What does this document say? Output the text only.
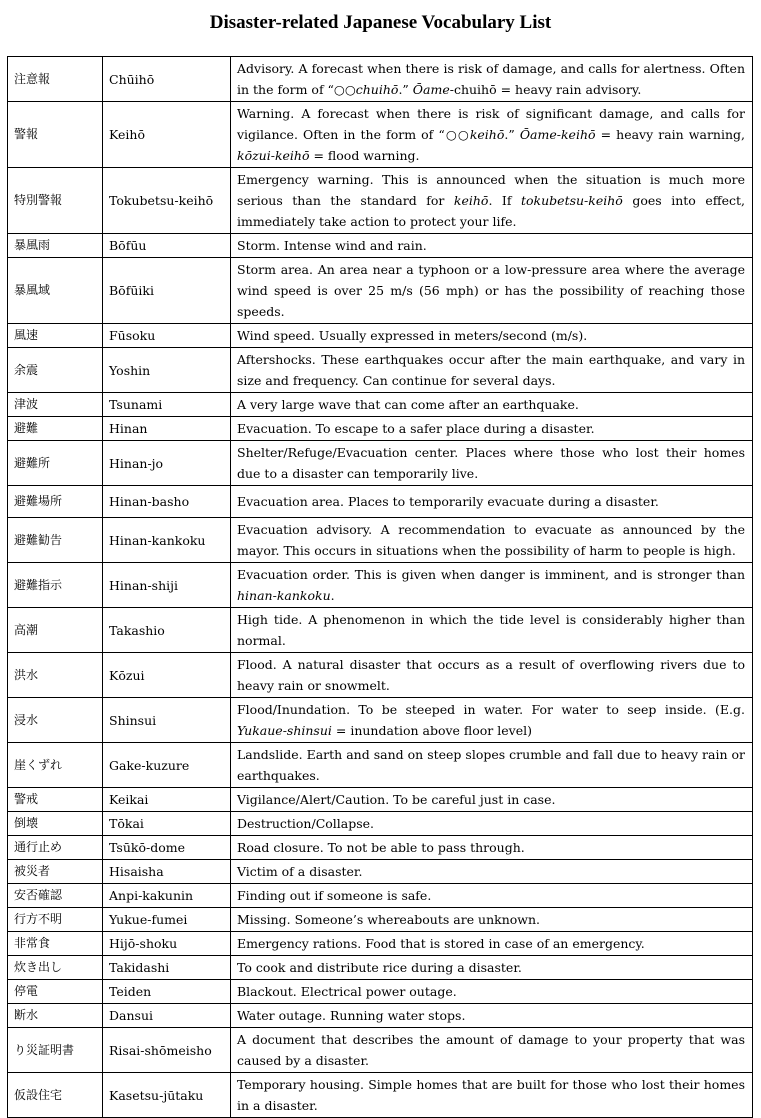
Disaster-related Japanese Vocabulary List
注意報	Chūihō	Advisory. A forecast when there is risk of damage, and calls for alertness. Often in the form of “○○chuihō.” Ōame-chuihō = heavy rain advisory.
警報	Keihō	Warning. A forecast when there is risk of significant damage, and calls for vigilance. Often in the form of “○○keihō.” Ōame-keihō = heavy rain warning, kōzui-keihō = flood warning.
特別警報	Tokubetsu-keihō	Emergency warning. This is announced when the situation is much more serious than the standard for keihō. If tokubetsu-keihō goes into effect, immediately take action to protect your life.
暴風雨	Bōfūu	Storm. Intense wind and rain.
暴風域	Bōfūiki	Storm area. An area near a typhoon or a low-pressure area where the average wind speed is over 25 m/s (56 mph) or has the possibility of reaching those speeds.
風速	Fūsoku	Wind speed. Usually expressed in meters/second (m/s).
余震	Yoshin	Aftershocks. These earthquakes occur after the main earthquake, and vary in size and frequency. Can continue for several days.
津波	Tsunami	A very large wave that can come after an earthquake.
避難	Hinan	Evacuation. To escape to a safer place during a disaster.
避難所	Hinan-jo	Shelter/Refuge/Evacuation center. Places where those who lost their homes due to a disaster can temporarily live.
避難場所	Hinan-basho	Evacuation area. Places to temporarily evacuate during a disaster.
避難勧告	Hinan-kankoku	Evacuation advisory. A recommendation to evacuate as announced by the mayor. This occurs in situations when the possibility of harm to people is high.
避難指示	Hinan-shiji	Evacuation order. This is given when danger is imminent, and is stronger than hinan-kankoku.
高潮	Takashio	High tide. A phenomenon in which the tide level is considerably higher than normal.
洪水	Kōzui	Flood. A natural disaster that occurs as a result of overflowing rivers due to heavy rain or snowmelt.
浸水	Shinsui	Flood/Inundation. To be steeped in water. For water to seep inside. (E.g. Yukaue-shinsui = inundation above floor level)
崖くずれ	Gake-kuzure	Landslide. Earth and sand on steep slopes crumble and fall due to heavy rain or earthquakes.
警戒	Keikai	Vigilance/Alert/Caution. To be careful just in case.
倒壊	Tōkai	Destruction/Collapse.
通行止め	Tsūkō-dome	Road closure. To not be able to pass through.
被災者	Hisaisha	Victim of a disaster.
安否確認	Anpi-kakunin	Finding out if someone is safe.
行方不明	Yukue-fumei	Missing. Someone’s whereabouts are unknown.
非常食	Hijō-shoku	Emergency rations. Food that is stored in case of an emergency.
炊き出し	Takidashi	To cook and distribute rice during a disaster.
停電	Teiden	Blackout. Electrical power outage.
断水	Dansui	Water outage. Running water stops.
り災証明書	Risai-shōmeisho	A document that describes the amount of damage to your property that was caused by a disaster.
仮設住宅	Kasetsu-jūtaku	Temporary housing. Simple homes that are built for those who lost their homes in a disaster.
